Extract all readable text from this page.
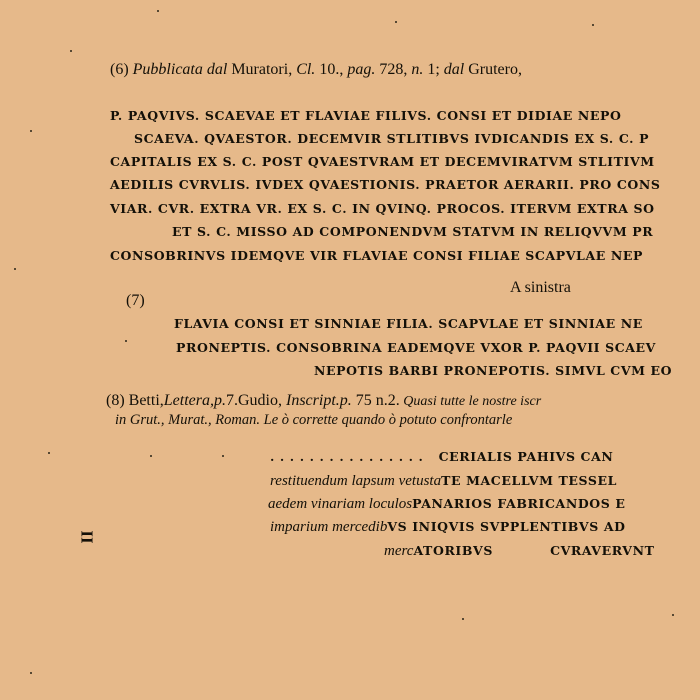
(6) Pubblicata dal Muratori, Cl. 10., pag. 728, n. 1; dal Grutero,
P. PAQVIVS. SCAEVAE ET FLAVIAE FILIVS. CONSI ET DIDIAE NEPO
SCAEVA. QVAESTOR. DECEMVIR STLITIBVS IVDICANDIS EX S. C. P
CAPITALIS EX S. C. POST QVAESTVRAM ET DECEMVIRATVM STLITIVM
AEDILIS CVRVLIS. IVDEX QVAESTIONIS. PRAETOR AERARII. PRO CONS
VIAR. CVR. EXTRA VR. EX S. C. IN QVINQ. PROCOS. ITERVM EXTRA SO
ET S. C. MISSO AD COMPONENDVM STATVM IN RELIQVVM PR
CONSOBRINVS IDEMQVE VIR FLAVIAE CONSI FILIAE SCAPVLAE NEP
(7)
A sinistra
FLAVIA CONSI ET SINNIAE FILIA. SCAPVLAE ET SINNIAE NE
PRONEPTIS. CONSOBRINA EADEMQVE VXOR P. PAQVII SCAEV
NEPOTIS BARBI PRONEPOTIS. SIMVL CVM EO
(8) Betti,Lettera,p.7.Gudio, Inscript.p. 75 n.2. Quasi tutte le nostre iscr
in Grut., Murat., Roman. Le ò corrette quando ò potuto confrontarle
. . . . . . . . . . . . . . . . CERIALIS PAHIVS CAN
restituendum lapsum vetustaTE MACELLVM TESSEL
aedem vinariam loculosPANARIOS FABRICANDOS E
imparium mercedibVS INIQVIS SVPPLENTIBVS AD
mercATORIBVS	CVRAVERVNT
II
